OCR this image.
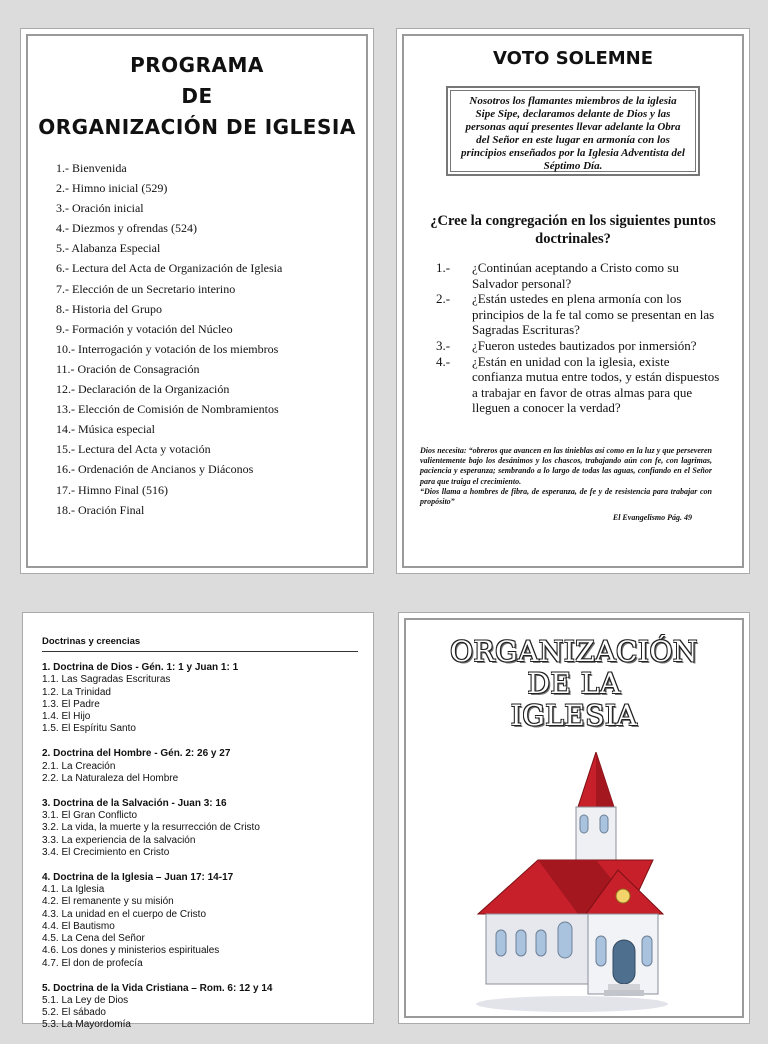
PROGRAMA
DE
ORGANIZACIÓN DE IGLESIA
1.- Bienvenida
2.- Himno inicial (529)
3.- Oración inicial
4.- Diezmos y ofrendas (524)
5.- Alabanza Especial
6.- Lectura del Acta de Organización de Iglesia
7.- Elección de un Secretario interino
8.- Historia del Grupo
9.- Formación y votación del Núcleo
10.- Interrogación y votación de los miembros
11.- Oración de Consagración
12.- Declaración de la Organización
13.- Elección de Comisión de Nombramientos
14.- Música especial
15.- Lectura del Acta y votación
16.- Ordenación de Ancianos y Diáconos
17.- Himno Final (516)
18.- Oración Final
VOTO SOLEMNE
Nosotros los flamantes miembros de la iglesia Sipe Sipe, declaramos delante de Dios y las personas aquí presentes llevar adelante la Obra del Señor en este lugar en armonía con los principios enseñados por la Iglesia Adventista del Séptimo Día.
¿Cree la congregación en los siguientes puntos doctrinales?
1.-	¿Continúan aceptando a Cristo como su Salvador personal?
2.-	¿Están ustedes en plena armonía con los principios de la fe tal como se presentan en las Sagradas Escrituras?
3.-	¿Fueron ustedes bautizados por inmersión?
4.-	¿Están en unidad con la iglesia, existe confianza mutua entre todos, y están dispuestos a trabajar en favor de otras almas para que lleguen a conocer la verdad?
Dios necesita: “obreros que avancen en las tinieblas así como en la luz y que perseveren valientemente bajo los desánimos y los chascos, trabajando aún con fe, con lagrimas, paciencia y esperanza; sembrando a lo largo de todas las aguas, confiando en el Señor para que traiga el crecimiento.
“Dios llama a hombres de fibra, de esperanza, de fe y de resistencia para trabajar con propósito”
El Evangelismo Pág. 49
Doctrinas y creencias
1. Doctrina de Dios - Gén. 1: 1 y Juan 1: 1
1.1. Las Sagradas Escrituras
1.2. La Trinidad
1.3. El Padre
1.4. El Hijo
1.5. El Espíritu Santo
2. Doctrina del Hombre - Gén. 2: 26 y 27
2.1. La Creación
2.2. La Naturaleza del Hombre
3. Doctrina de la Salvación - Juan 3: 16
3.1. El Gran Conflicto
3.2. La vida, la muerte y la resurrección de Cristo
3.3. La experiencia de la salvación
3.4. El Crecimiento en Cristo
4. Doctrina de la Iglesia – Juan 17: 14-17
4.1. La Iglesia
4.2. El remanente y su misión
4.3. La unidad en el cuerpo de Cristo
4.4. El Bautismo
4.5. La Cena del Señor
4.6. Los dones y ministerios espirituales
4.7. El don de profecía
5. Doctrina de la Vida Cristiana – Rom. 6: 12 y 14
5.1. La Ley de Dios
5.2. El sábado
5.3. La Mayordomía
ORGANIZACIÓN
DE LA
IGLESIA
